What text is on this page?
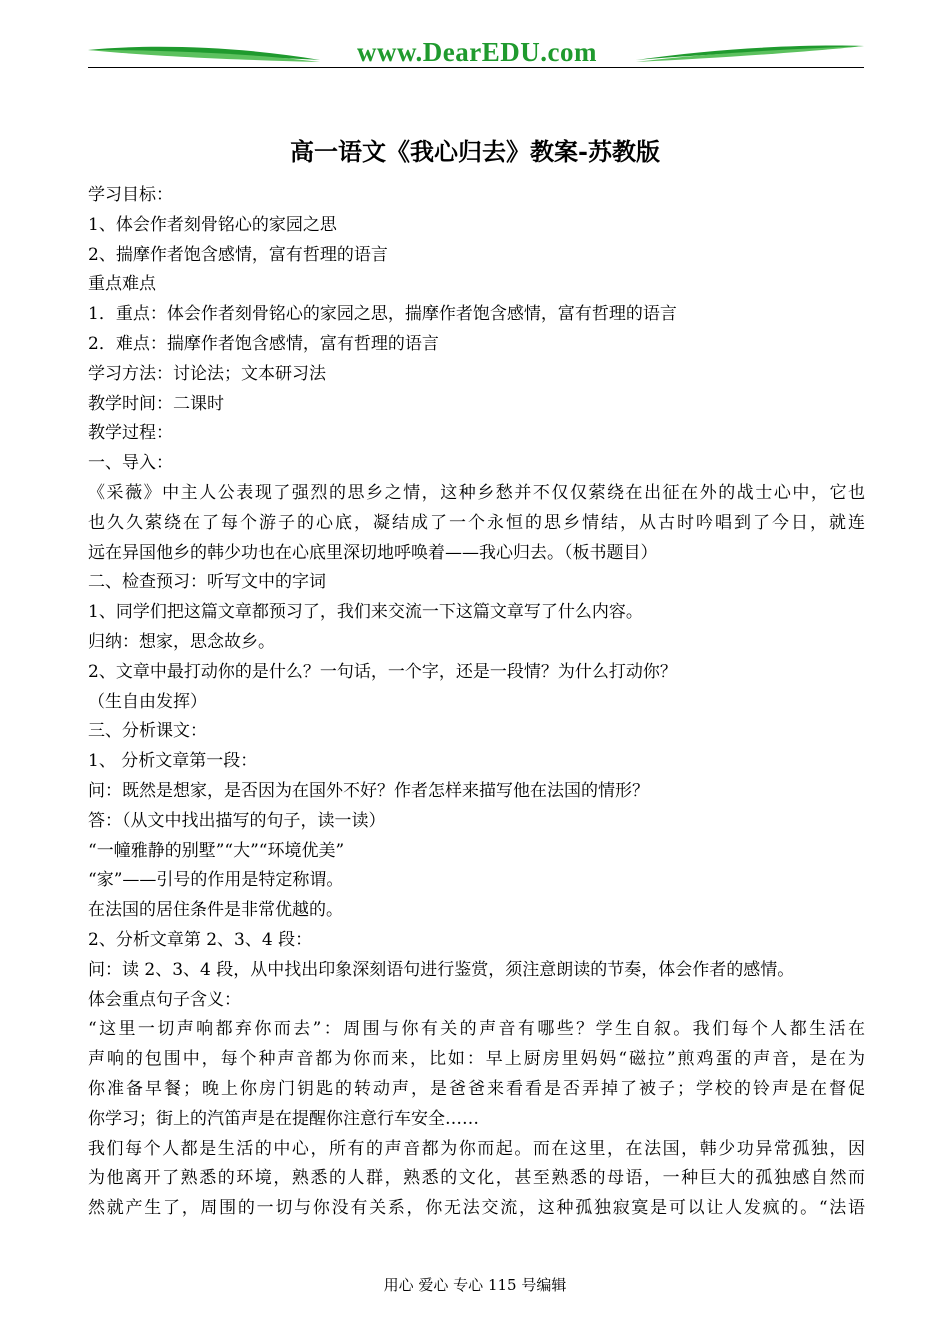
www.DearEDU.com
高一语文《我心归去》教案-苏教版
学习目标：
1、体会作者刻骨铭心的家园之思
2、揣摩作者饱含感情，富有哲理的语言
重点难点
1．重点：体会作者刻骨铭心的家园之思，揣摩作者饱含感情，富有哲理的语言
2．难点：揣摩作者饱含感情，富有哲理的语言
学习方法：讨论法；文本研习法
教学时间：二课时
教学过程：
一、导入：
《采薇》中主人公表现了强烈的思乡之情，这种乡愁并不仅仅萦绕在出征在外的战士心中，它也
也久久萦绕在了每个游子的心底，凝结成了一个永恒的思乡情结，从古时吟唱到了今日，就连
远在异国他乡的韩少功也在心底里深切地呼唤着——我心归去。（板书题目）
二、检查预习：听写文中的字词
1、同学们把这篇文章都预习了，我们来交流一下这篇文章写了什么内容。
归纳：想家，思念故乡。
2、文章中最打动你的是什么？一句话，一个字，还是一段情？为什么打动你？
（生自由发挥）
三、分析课文：
1、 分析文章第一段：
问：既然是想家，是否因为在国外不好？作者怎样来描写他在法国的情形？
答：（从文中找出描写的句子，读一读）
“一幢雅静的别墅”“大”“环境优美”
“家”——引号的作用是特定称谓。
在法国的居住条件是非常优越的。
2、分析文章第 2、3、4 段：
问：读 2、3、4 段，从中找出印象深刻语句进行鉴赏，须注意朗读的节奏，体会作者的感情。
体会重点句子含义：
“这里一切声响都弃你而去”：周围与你有关的声音有哪些？学生自叙。我们每个人都生活在
声响的包围中，每个种声音都为你而来，比如：早上厨房里妈妈“磁拉”煎鸡蛋的声音，是在为
你准备早餐；晚上你房门钥匙的转动声，是爸爸来看看是否弄掉了被子；学校的铃声是在督促
你学习；街上的汽笛声是在提醒你注意行车安全……
我们每个人都是生活的中心，所有的声音都为你而起。而在这里，在法国，韩少功异常孤独，因
为他离开了熟悉的环境，熟悉的人群，熟悉的文化，甚至熟悉的母语，一种巨大的孤独感自然而
然就产生了，周围的一切与你没有关系，你无法交流，这种孤独寂寞是可以让人发疯的。“法语
用心 爱心 专心 115 号编辑
